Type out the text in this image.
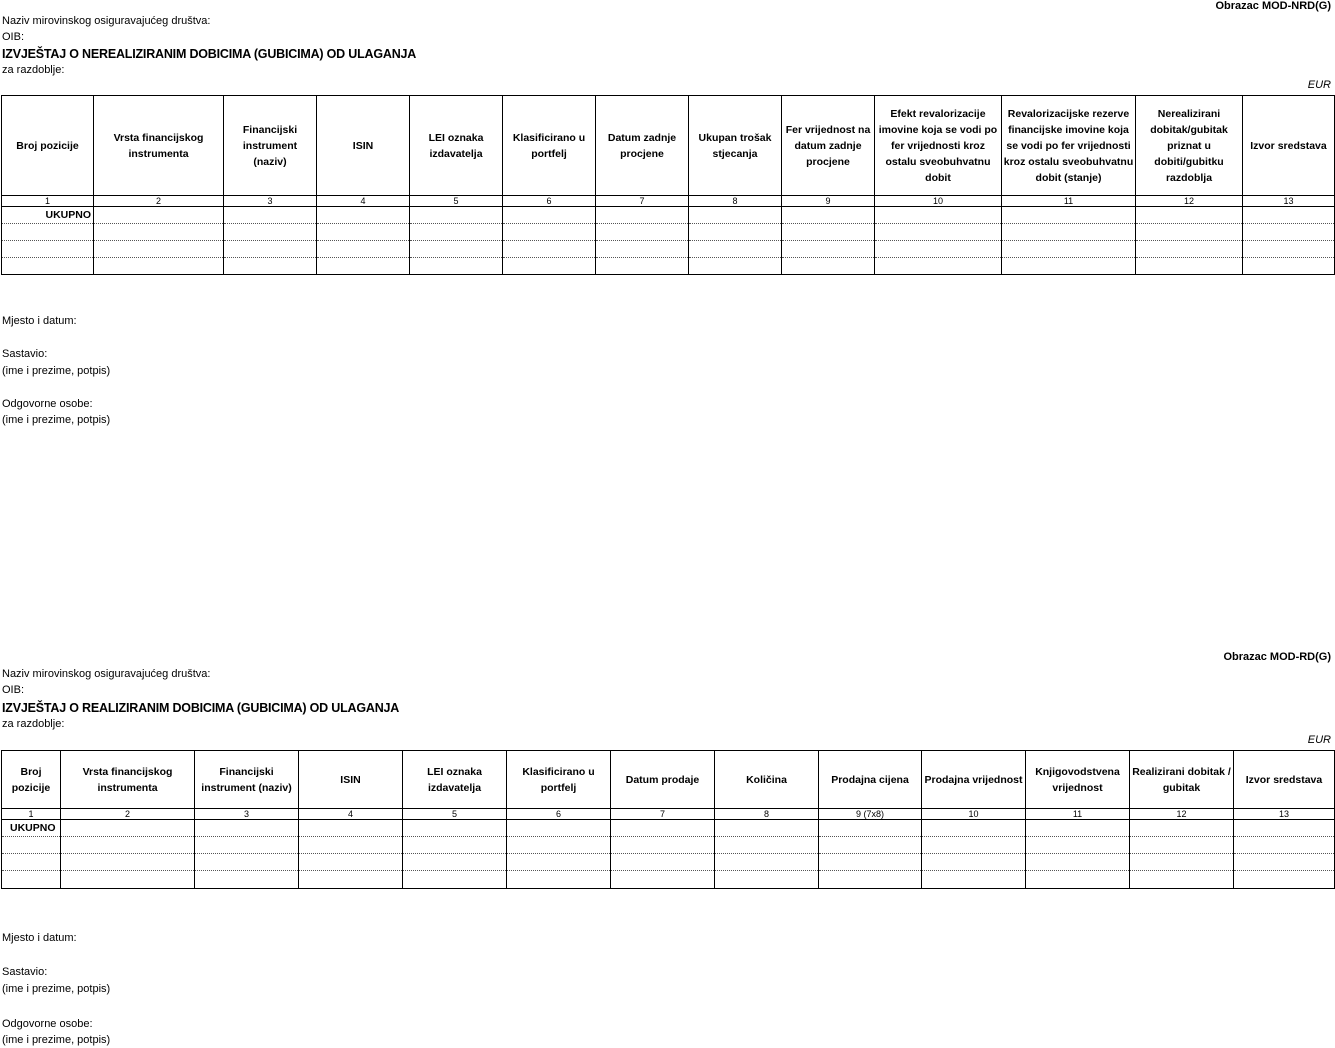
Obrazac MOD-NRD(G)
Naziv mirovinskog osiguravajućeg društva:
OIB:
IZVJEŠTAJ O NEREALIZIRANIM DOBICIMA (GUBICIMA) OD ULAGANJA
za razdoblje:
EUR
Broj pozicije	Vrsta financijskog instrumenta	Financijski instrument (naziv)	ISIN	LEI oznaka izdavatelja	Klasificirano u portfelj	Datum zadnje procjene	Ukupan trošak stjecanja	Fer vrijednost na datum zadnje procjene	Efekt revalorizacije imovine koja se vodi po fer vrijednosti kroz ostalu sveobuhvatnu dobit	Revalorizacijske rezerve financijske imovine koja se vodi po fer vrijednosti kroz ostalu sveobuhvatnu dobit (stanje)	Nerealizirani dobitak/gubitak priznat u dobiti/gubitku razdoblja	Izvor sredstava
1	2	3	4	5	6	7	8	9	10	11	12	13
UKUPNO												

Mjesto i datum:
Sastavio:
(ime i prezime, potpis)
Odgovorne osobe:
(ime i prezime, potpis)
Obrazac MOD-RD(G)
Naziv mirovinskog osiguravajućeg društva:
OIB:
IZVJEŠTAJ O REALIZIRANIM DOBICIMA (GUBICIMA) OD ULAGANJA
za razdoblje:
EUR
Broj pozicije	Vrsta financijskog instrumenta	Financijski instrument (naziv)	ISIN	LEI oznaka izdavatelja	Klasificirano u portfelj	Datum prodaje	Količina	Prodajna cijena	Prodajna vrijednost	Knjigovodstvena vrijednost	Realizirani dobitak / gubitak	Izvor sredstava
1	2	3	4	5	6	7	8	9 (7x8)	10	11	12	13
UKUPNO												

Mjesto i datum:
Sastavio:
(ime i prezime, potpis)
Odgovorne osobe:
(ime i prezime, potpis)
